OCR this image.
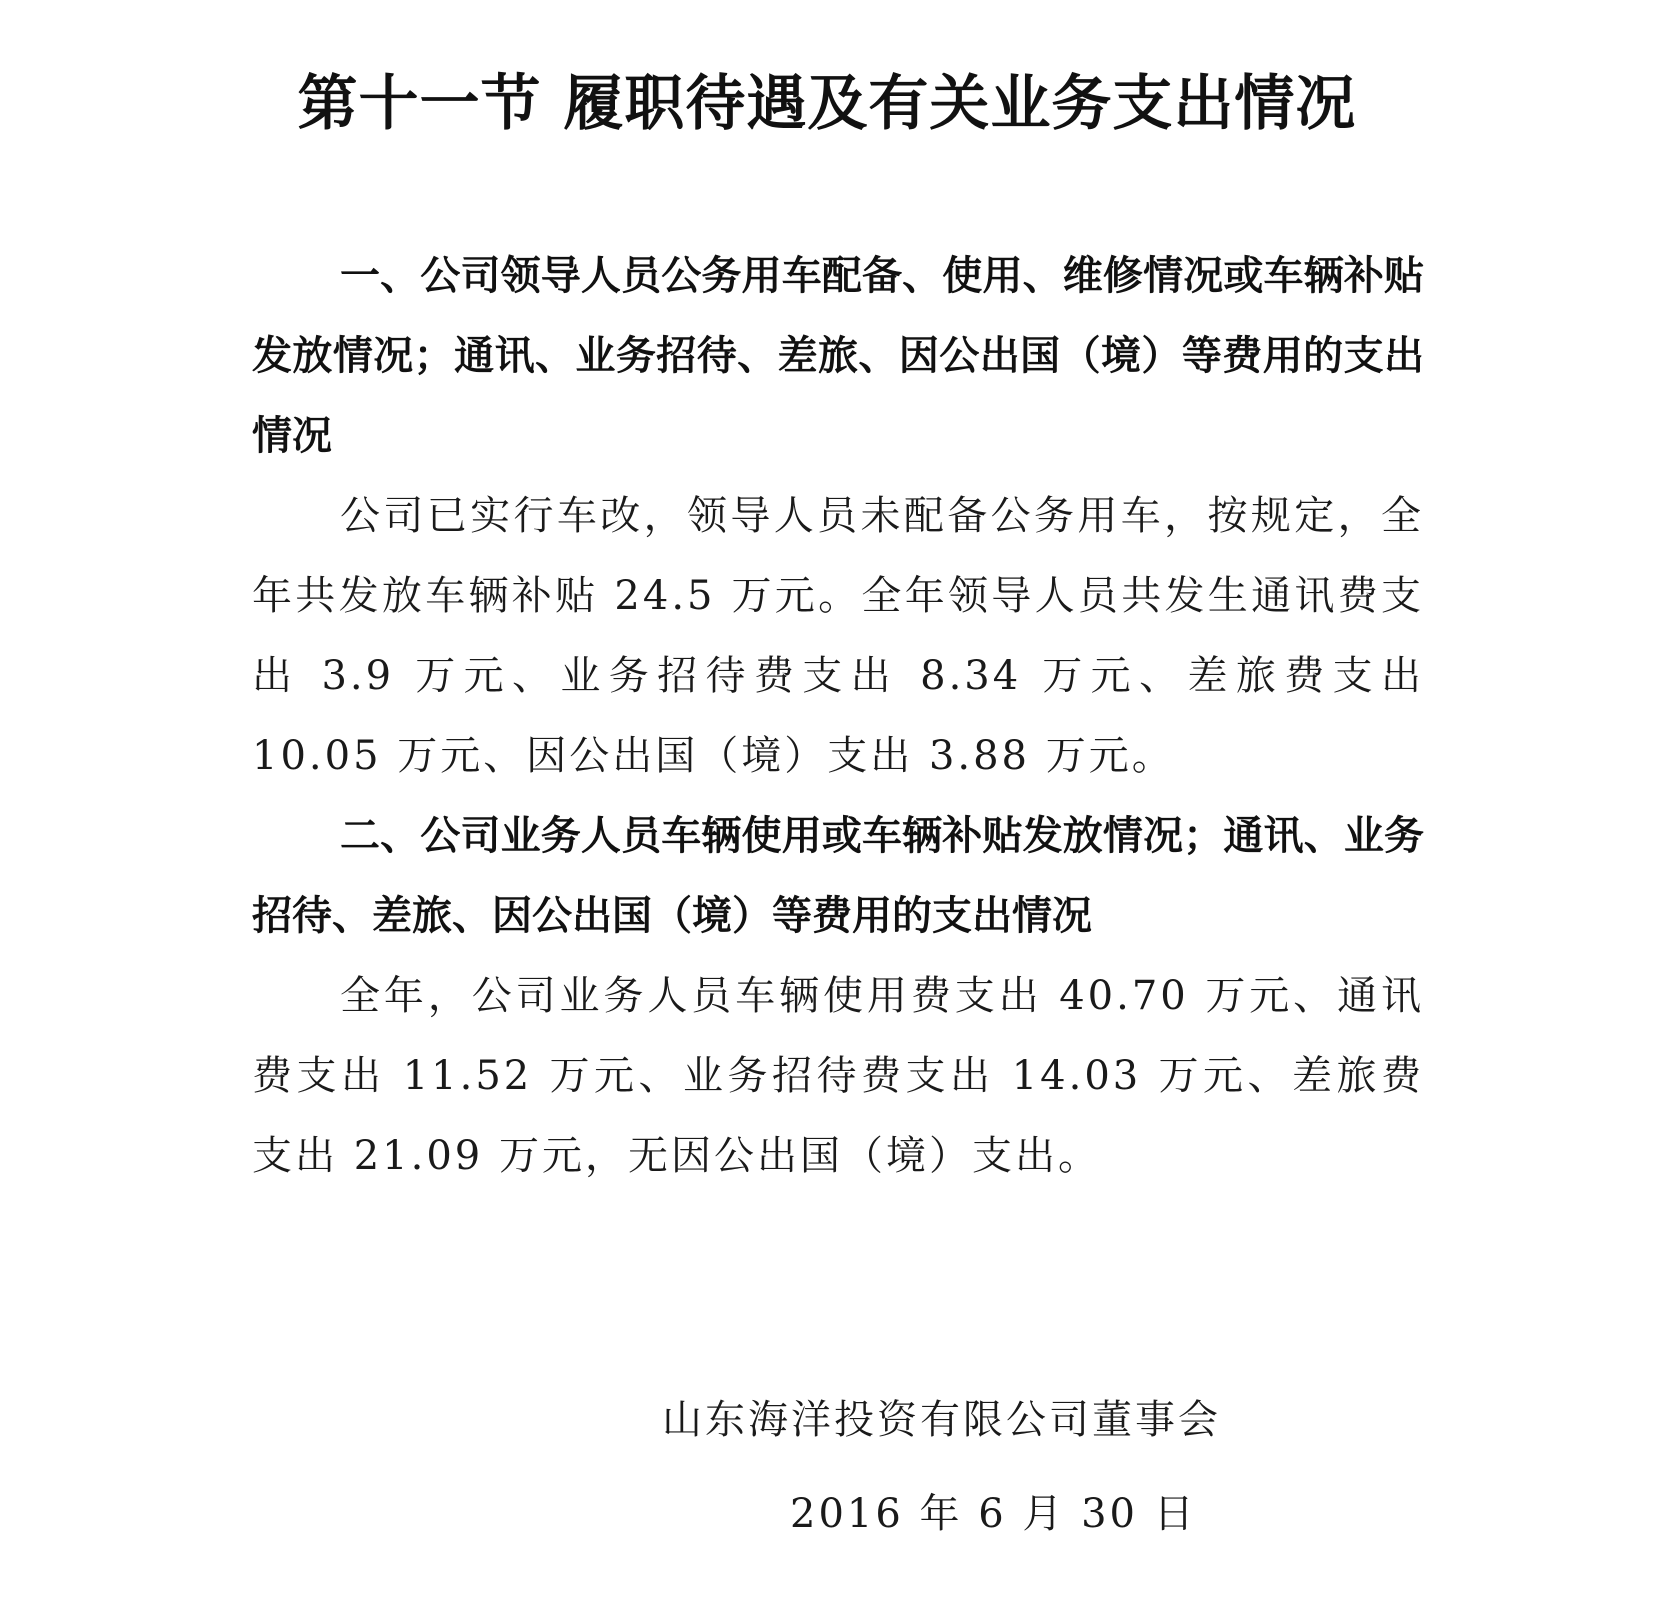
第十一节 履职待遇及有关业务支出情况

一、公司领导人员公务用车配备、使用、维修情况或车辆补贴发放情况；通讯、业务招待、差旅、因公出国（境）等费用的支出情况

公司已实行车改，领导人员未配备公务用车，按规定，全年共发放车辆补贴 24.5 万元。全年领导人员共发生通讯费支出 3.9 万元、业务招待费支出 8.34 万元、差旅费支出 10.05 万元、因公出国（境）支出 3.88 万元。

二、公司业务人员车辆使用或车辆补贴发放情况；通讯、业务招待、差旅、因公出国（境）等费用的支出情况

全年，公司业务人员车辆使用费支出 40.70 万元、通讯费支出 11.52 万元、业务招待费支出 14.03 万元、差旅费支出 21.09 万元，无因公出国（境）支出。

山东海洋投资有限公司董事会
2016 年 6 月 30 日
